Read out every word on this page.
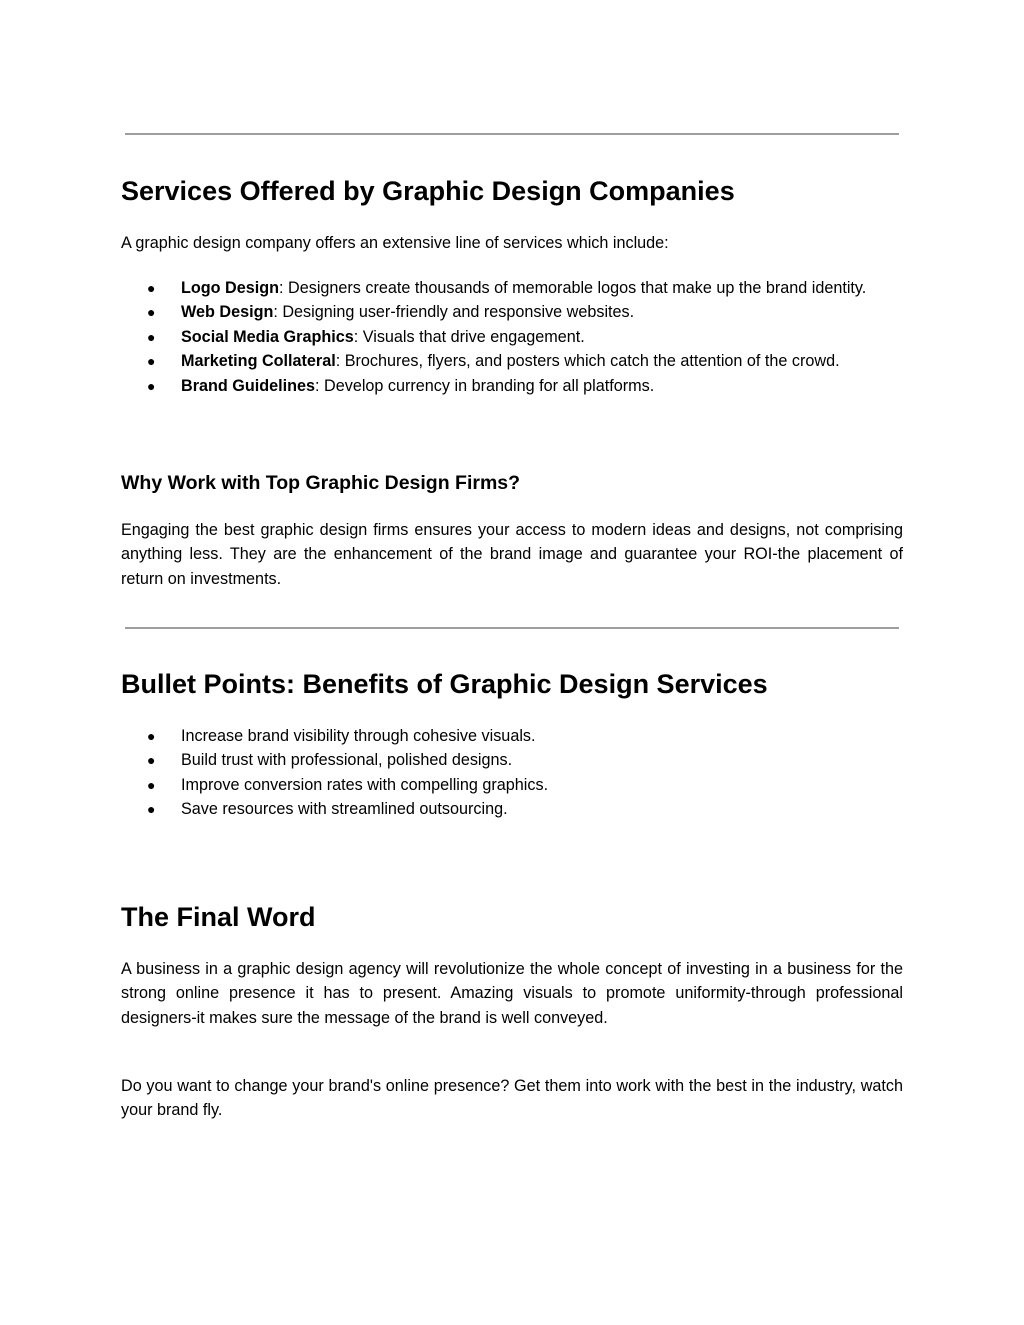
Services Offered by Graphic Design Companies

A graphic design company offers an extensive line of services which include:

● Logo Design: Designers create thousands of memorable logos that make up the brand identity.
● Web Design: Designing user-friendly and responsive websites.
● Social Media Graphics: Visuals that drive engagement.
● Marketing Collateral: Brochures, flyers, and posters which catch the attention of the crowd.
● Brand Guidelines: Develop currency in branding for all platforms.
Why Work with Top Graphic Design Firms?

Engaging the best graphic design firms ensures your access to modern ideas and designs, not comprising anything less. They are the enhancement of the brand image and guarantee your ROI-the placement of return on investments.

Bullet Points: Benefits of Graphic Design Services
● Increase brand visibility through cohesive visuals.
● Build trust with professional, polished designs.
● Improve conversion rates with compelling graphics.
● Save resources with streamlined outsourcing.
The Final Word

A business in a graphic design agency will revolutionize the whole concept of investing in a business for the strong online presence it has to present. Amazing visuals to promote uniformity-through professional designers-it makes sure the message of the brand is well conveyed.

Do you want to change your brand's online presence? Get them into work with the best in the industry, watch your brand fly.
